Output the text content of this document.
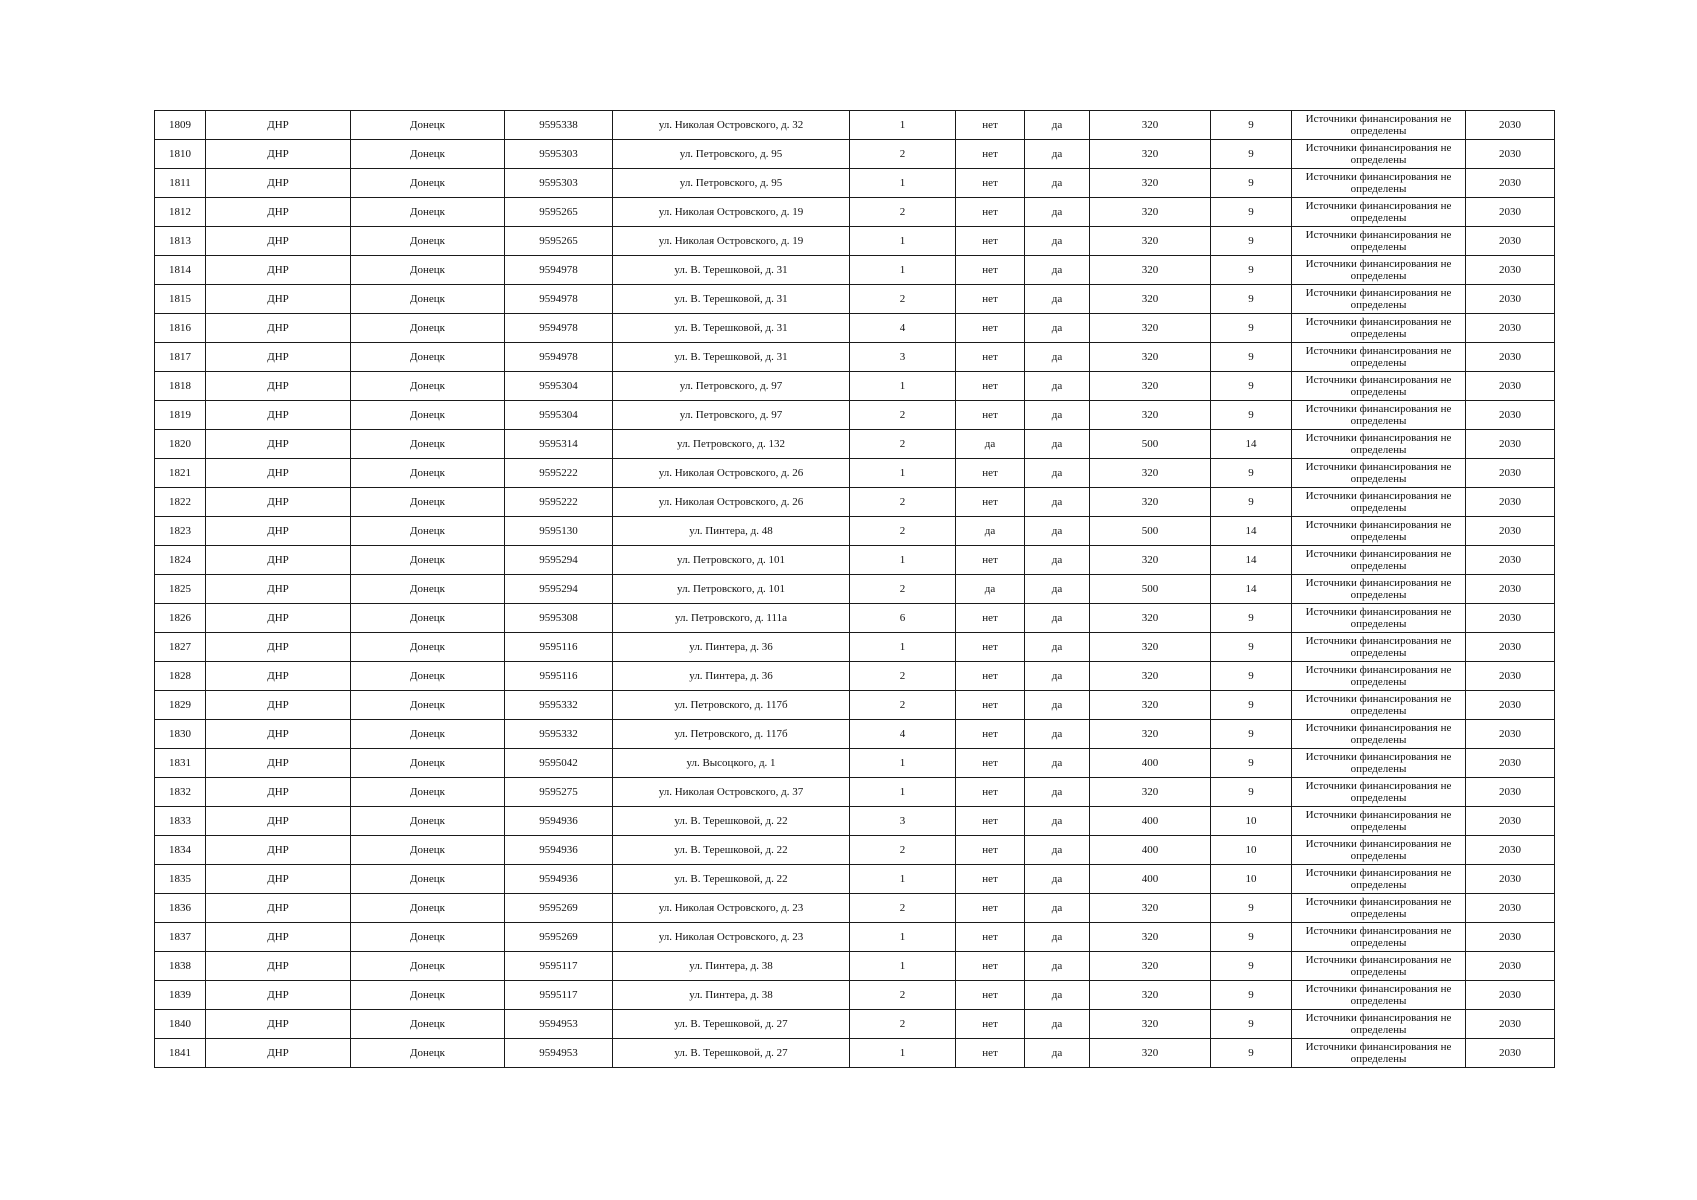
1809	ДНР	Донецк	9595338	ул. Николая Островского, д. 32	1	нет	да	320	9	Источники финансирования не определены	2030
1810	ДНР	Донецк	9595303	ул. Петровского, д. 95	2	нет	да	320	9	Источники финансирования не определены	2030
1811	ДНР	Донецк	9595303	ул. Петровского, д. 95	1	нет	да	320	9	Источники финансирования не определены	2030
1812	ДНР	Донецк	9595265	ул. Николая Островского, д. 19	2	нет	да	320	9	Источники финансирования не определены	2030
1813	ДНР	Донецк	9595265	ул. Николая Островского, д. 19	1	нет	да	320	9	Источники финансирования не определены	2030
1814	ДНР	Донецк	9594978	ул. В. Терешковой, д. 31	1	нет	да	320	9	Источники финансирования не определены	2030
1815	ДНР	Донецк	9594978	ул. В. Терешковой, д. 31	2	нет	да	320	9	Источники финансирования не определены	2030
1816	ДНР	Донецк	9594978	ул. В. Терешковой, д. 31	4	нет	да	320	9	Источники финансирования не определены	2030
1817	ДНР	Донецк	9594978	ул. В. Терешковой, д. 31	3	нет	да	320	9	Источники финансирования не определены	2030
1818	ДНР	Донецк	9595304	ул. Петровского, д. 97	1	нет	да	320	9	Источники финансирования не определены	2030
1819	ДНР	Донецк	9595304	ул. Петровского, д. 97	2	нет	да	320	9	Источники финансирования не определены	2030
1820	ДНР	Донецк	9595314	ул. Петровского, д. 132	2	да	да	500	14	Источники финансирования не определены	2030
1821	ДНР	Донецк	9595222	ул. Николая Островского, д. 26	1	нет	да	320	9	Источники финансирования не определены	2030
1822	ДНР	Донецк	9595222	ул. Николая Островского, д. 26	2	нет	да	320	9	Источники финансирования не определены	2030
1823	ДНР	Донецк	9595130	ул. Пинтера, д. 48	2	да	да	500	14	Источники финансирования не определены	2030
1824	ДНР	Донецк	9595294	ул. Петровского, д. 101	1	нет	да	320	14	Источники финансирования не определены	2030
1825	ДНР	Донецк	9595294	ул. Петровского, д. 101	2	да	да	500	14	Источники финансирования не определены	2030
1826	ДНР	Донецк	9595308	ул. Петровского, д. 111а	6	нет	да	320	9	Источники финансирования не определены	2030
1827	ДНР	Донецк	9595116	ул. Пинтера, д. 36	1	нет	да	320	9	Источники финансирования не определены	2030
1828	ДНР	Донецк	9595116	ул. Пинтера, д. 36	2	нет	да	320	9	Источники финансирования не определены	2030
1829	ДНР	Донецк	9595332	ул. Петровского, д. 117б	2	нет	да	320	9	Источники финансирования не определены	2030
1830	ДНР	Донецк	9595332	ул. Петровского, д. 117б	4	нет	да	320	9	Источники финансирования не определены	2030
1831	ДНР	Донецк	9595042	ул. Высоцкого, д. 1	1	нет	да	400	9	Источники финансирования не определены	2030
1832	ДНР	Донецк	9595275	ул. Николая Островского, д. 37	1	нет	да	320	9	Источники финансирования не определены	2030
1833	ДНР	Донецк	9594936	ул. В. Терешковой, д. 22	3	нет	да	400	10	Источники финансирования не определены	2030
1834	ДНР	Донецк	9594936	ул. В. Терешковой, д. 22	2	нет	да	400	10	Источники финансирования не определены	2030
1835	ДНР	Донецк	9594936	ул. В. Терешковой, д. 22	1	нет	да	400	10	Источники финансирования не определены	2030
1836	ДНР	Донецк	9595269	ул. Николая Островского, д. 23	2	нет	да	320	9	Источники финансирования не определены	2030
1837	ДНР	Донецк	9595269	ул. Николая Островского, д. 23	1	нет	да	320	9	Источники финансирования не определены	2030
1838	ДНР	Донецк	9595117	ул. Пинтера, д. 38	1	нет	да	320	9	Источники финансирования не определены	2030
1839	ДНР	Донецк	9595117	ул. Пинтера, д. 38	2	нет	да	320	9	Источники финансирования не определены	2030
1840	ДНР	Донецк	9594953	ул. В. Терешковой, д. 27	2	нет	да	320	9	Источники финансирования не определены	2030
1841	ДНР	Донецк	9594953	ул. В. Терешковой, д. 27	1	нет	да	320	9	Источники финансирования не определены	2030
